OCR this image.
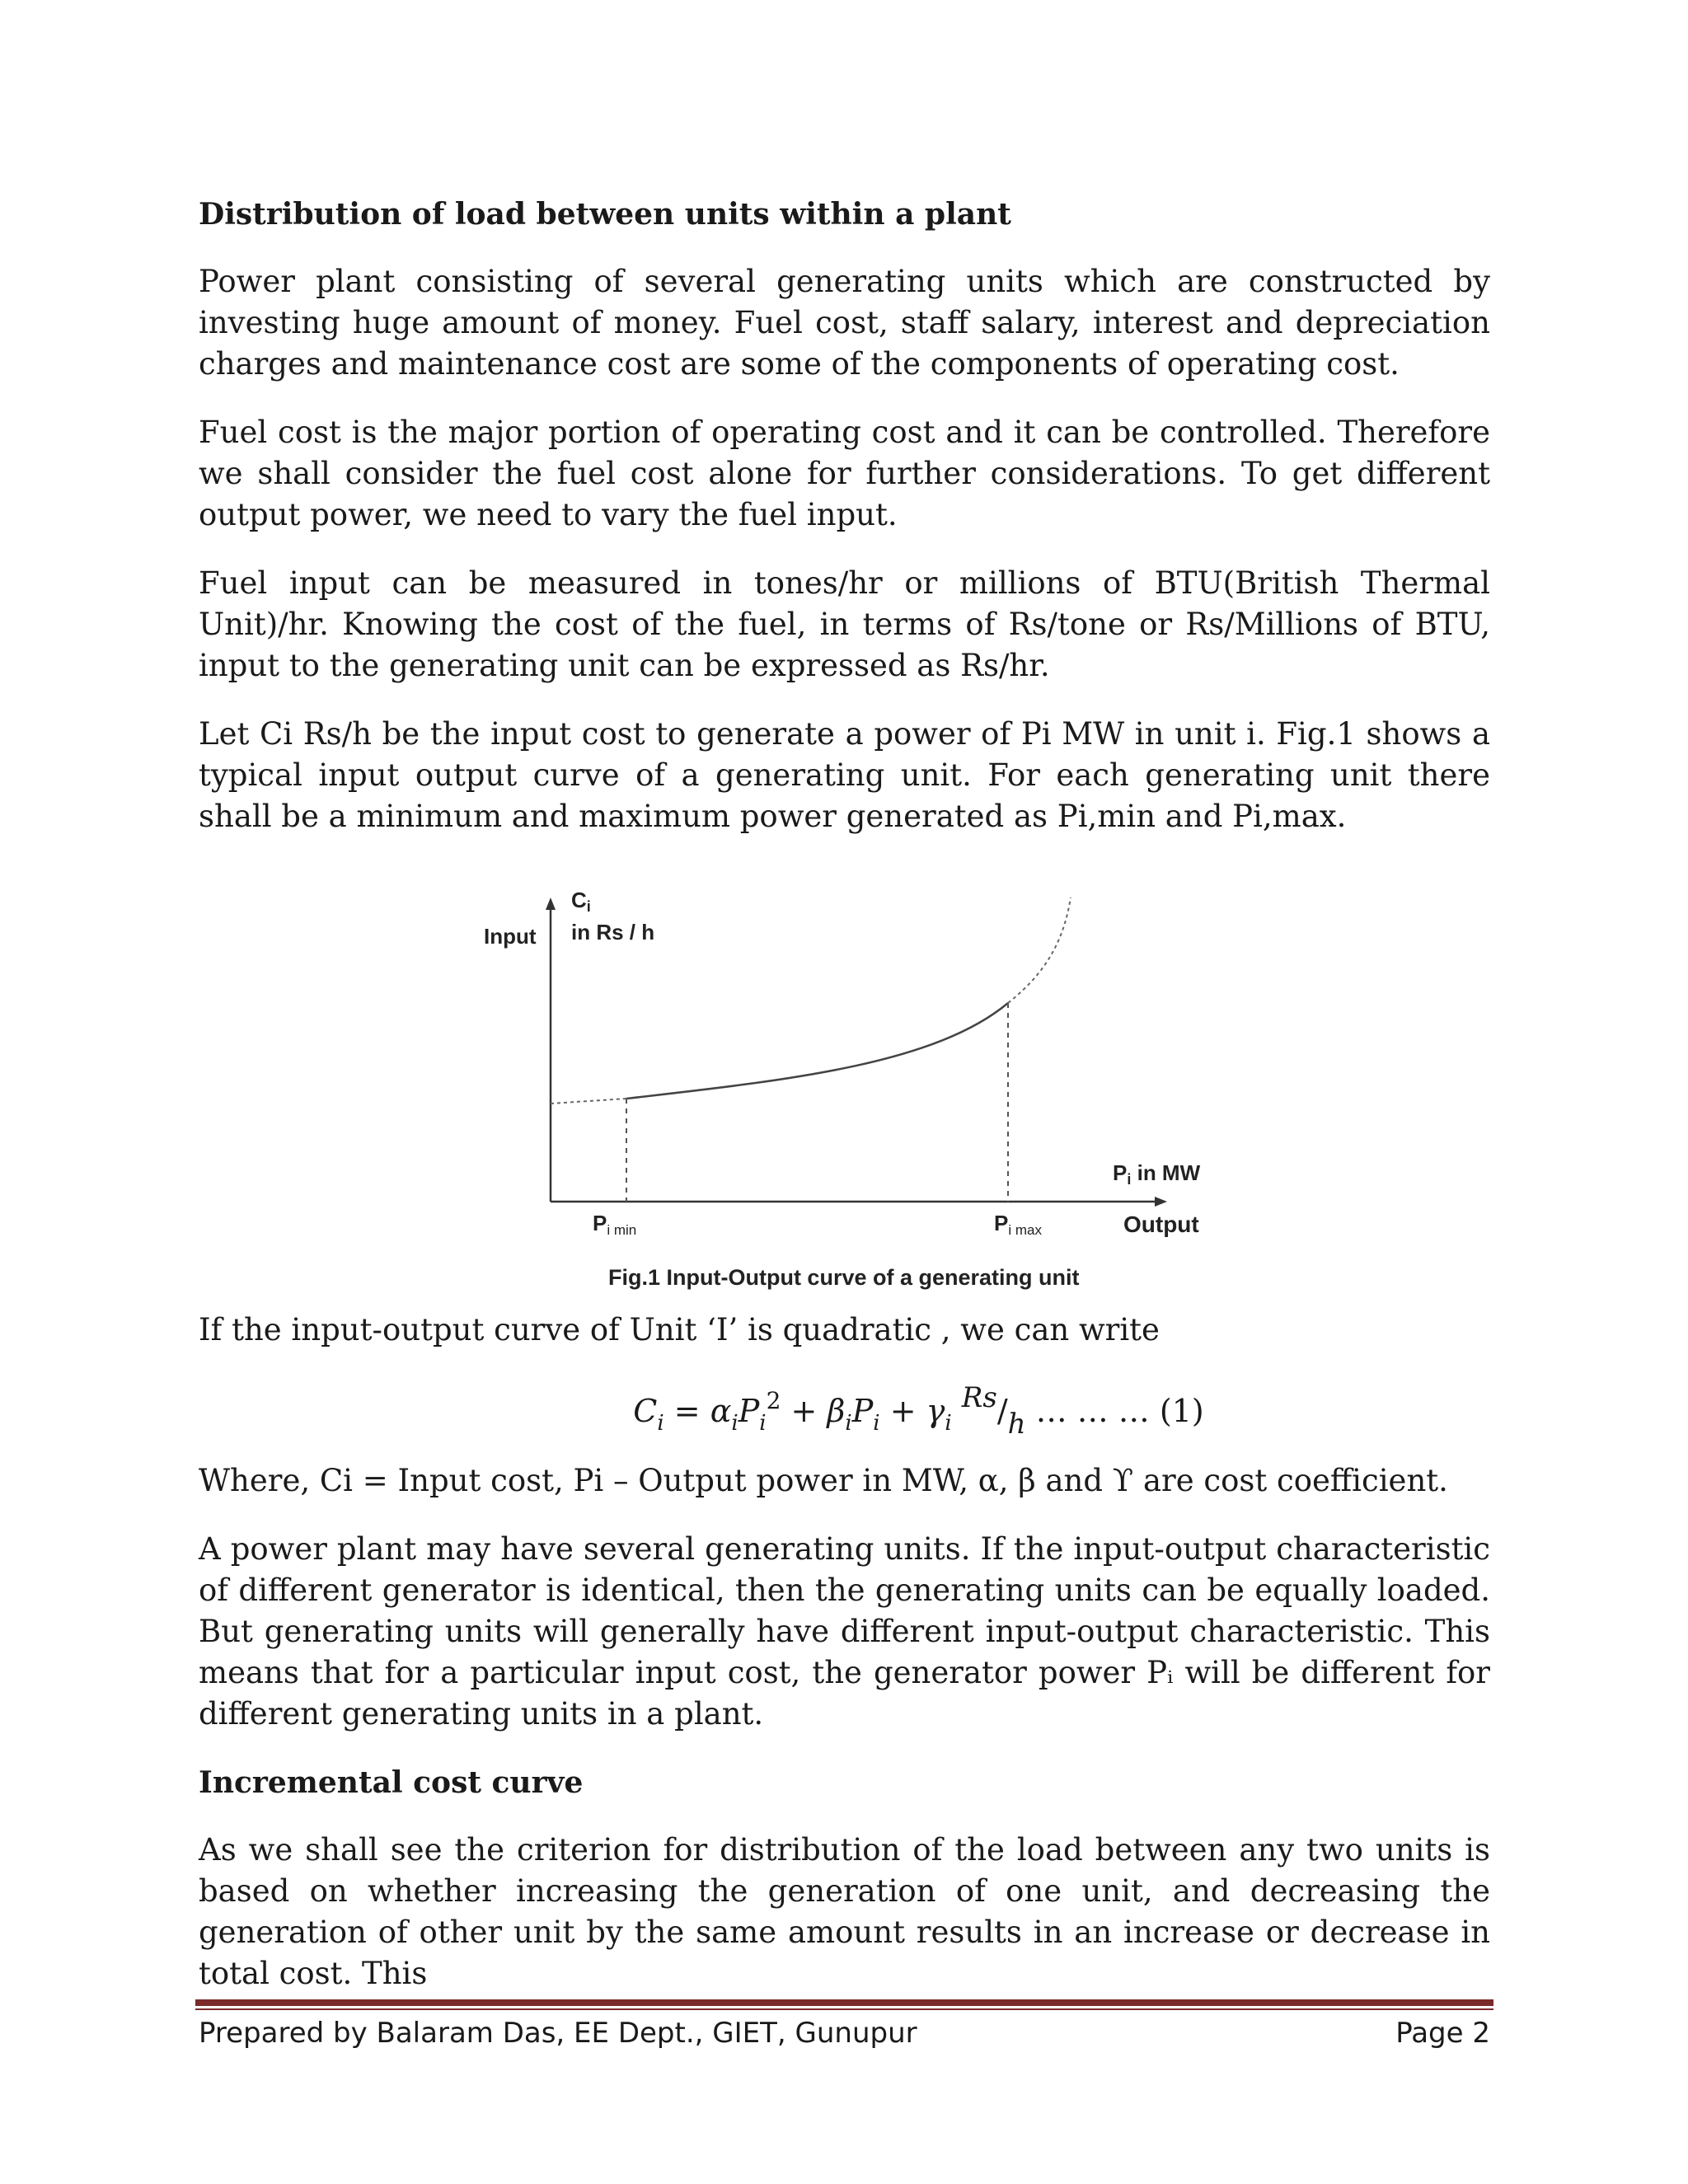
Distribution of load between units within a plant

Power plant consisting of several generating units which are constructed by investing huge amount of money. Fuel cost, staff salary, interest and depreciation charges and maintenance cost are some of the components of operating cost.

Fuel cost is the major portion of operating cost and it can be controlled. Therefore we shall consider the fuel cost alone for further considerations. To get different output power, we need to vary the fuel input.

Fuel input can be measured in tones/hr or millions of BTU(British Thermal Unit)/hr. Knowing the cost of the fuel, in terms of Rs/tone or Rs/Millions of BTU, input to the generating unit can be expressed as Rs/hr.

Let Ci Rs/h be the input cost to generate a power of Pi MW in unit i. Fig.1 shows a typical input output curve of a generating unit. For each generating unit there shall be a minimum and maximum power generated as Pi,min and Pi,max.

Ci
in Rs / h
Input
Pi in MW
Output
Pi min	Pi max
Fig.1 Input-Output curve of a generating unit

If the input-output curve of Unit ‘I’ is quadratic , we can write

$C_i = \alpha_iP_i^2 + \beta_iP_i + \gamma_i$ Rs/h … … … (1)

Where, Ci = Input cost, Pi – Output power in MW, α, β and ϒ are cost coefficient.

A power plant may have several generating units. If the input-output characteristic of different generator is identical, then the generating units can be equally loaded. But generating units will generally have different input-output characteristic. This means that for a particular input cost, the generator power Pᵢ will be different for different generating units in a plant.

Incremental cost curve

As we shall see the criterion for distribution of the load between any two units is based on whether increasing the generation of one unit, and decreasing the generation of other unit by the same amount results in an increase or decrease in total cost. This

Prepared by Balaram Das, EE Dept., GIET, Gunupur	Page 2
